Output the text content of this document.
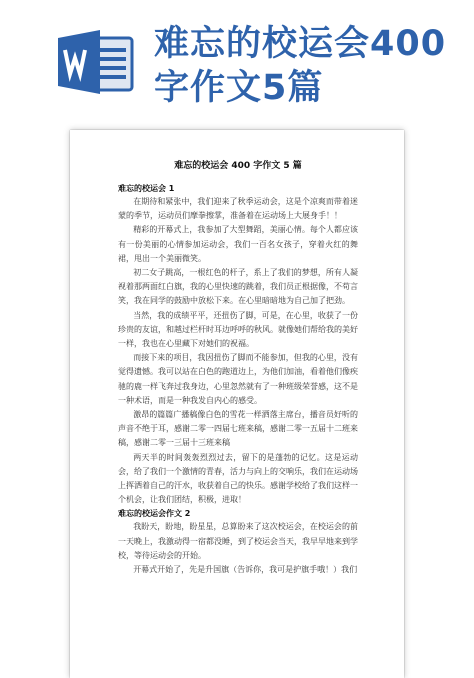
难忘的校运会400字作文5篇
难忘的校运会 400 字作文 5 篇
难忘的校运会 1

在期待和紧张中，我们迎来了秋季运动会，这是个凉爽而带着迷蒙的季节，运动员们摩拳擦掌，准备着在运动场上大展身手！！

精彩的开幕式上，我参加了大型舞蹈，美丽心情。每个人都应该有一份美丽的心情参加运动会，我们一百名女孩子，穿着火红的舞裙，甩出一个美丽微笑。

初二女子跳高，一根红色的杆子，系上了我们的梦想，所有人凝视着那两面红白旗，我的心里快速的跳着，我们员正根据像，不苟言笑，我在同学的鼓励中放松下来。在心里暗暗地为自己加了把劲。

当然，我的成绩平平，还扭伤了脚，可是，在心里，收获了一份珍贵的友谊，和越过栏杆时耳边呼呼的秋风。就像她们帮给我的美好一样，我也在心里藏下对她们的祝福。

而接下来的项目，我因扭伤了脚而不能参加，但我的心里，没有觉得遗憾。我可以站在白色的跑道边上，为他们加油，看着他们像疾驰的鹿一样飞奔过我身边，心里忽然就有了一种班级荣誉感，这不是一种术语，而是一种我发自内心的感受。

激昂的篇篇广播稿像白色的雪花一样洒落主席台，播音员好听的声音不绝于耳，感谢二零一四届七班来稿，感谢二零一五届十二班来稿，感谢二零一三届十三班来稿

两天半的时间轰轰烈烈过去，留下的是蓬勃的记忆。这是运动会，给了我们一个激情的青春，活力与向上的交响乐，我们在运动场上挥洒着自己的汗水，收获着自己的快乐。感谢学校给了我们这样一个机会，让我们团结，积极，进取！

难忘的校运会作文 2

我盼天，盼地，盼星星，总算盼来了这次校运会，在校运会的前一天晚上，我激动得一宿都没睡，到了校运会当天，我早早地来到学校，等待运动会的开始。

开幕式开始了，先是升国旗（告诉你，我可是护旗手哦！）我们
